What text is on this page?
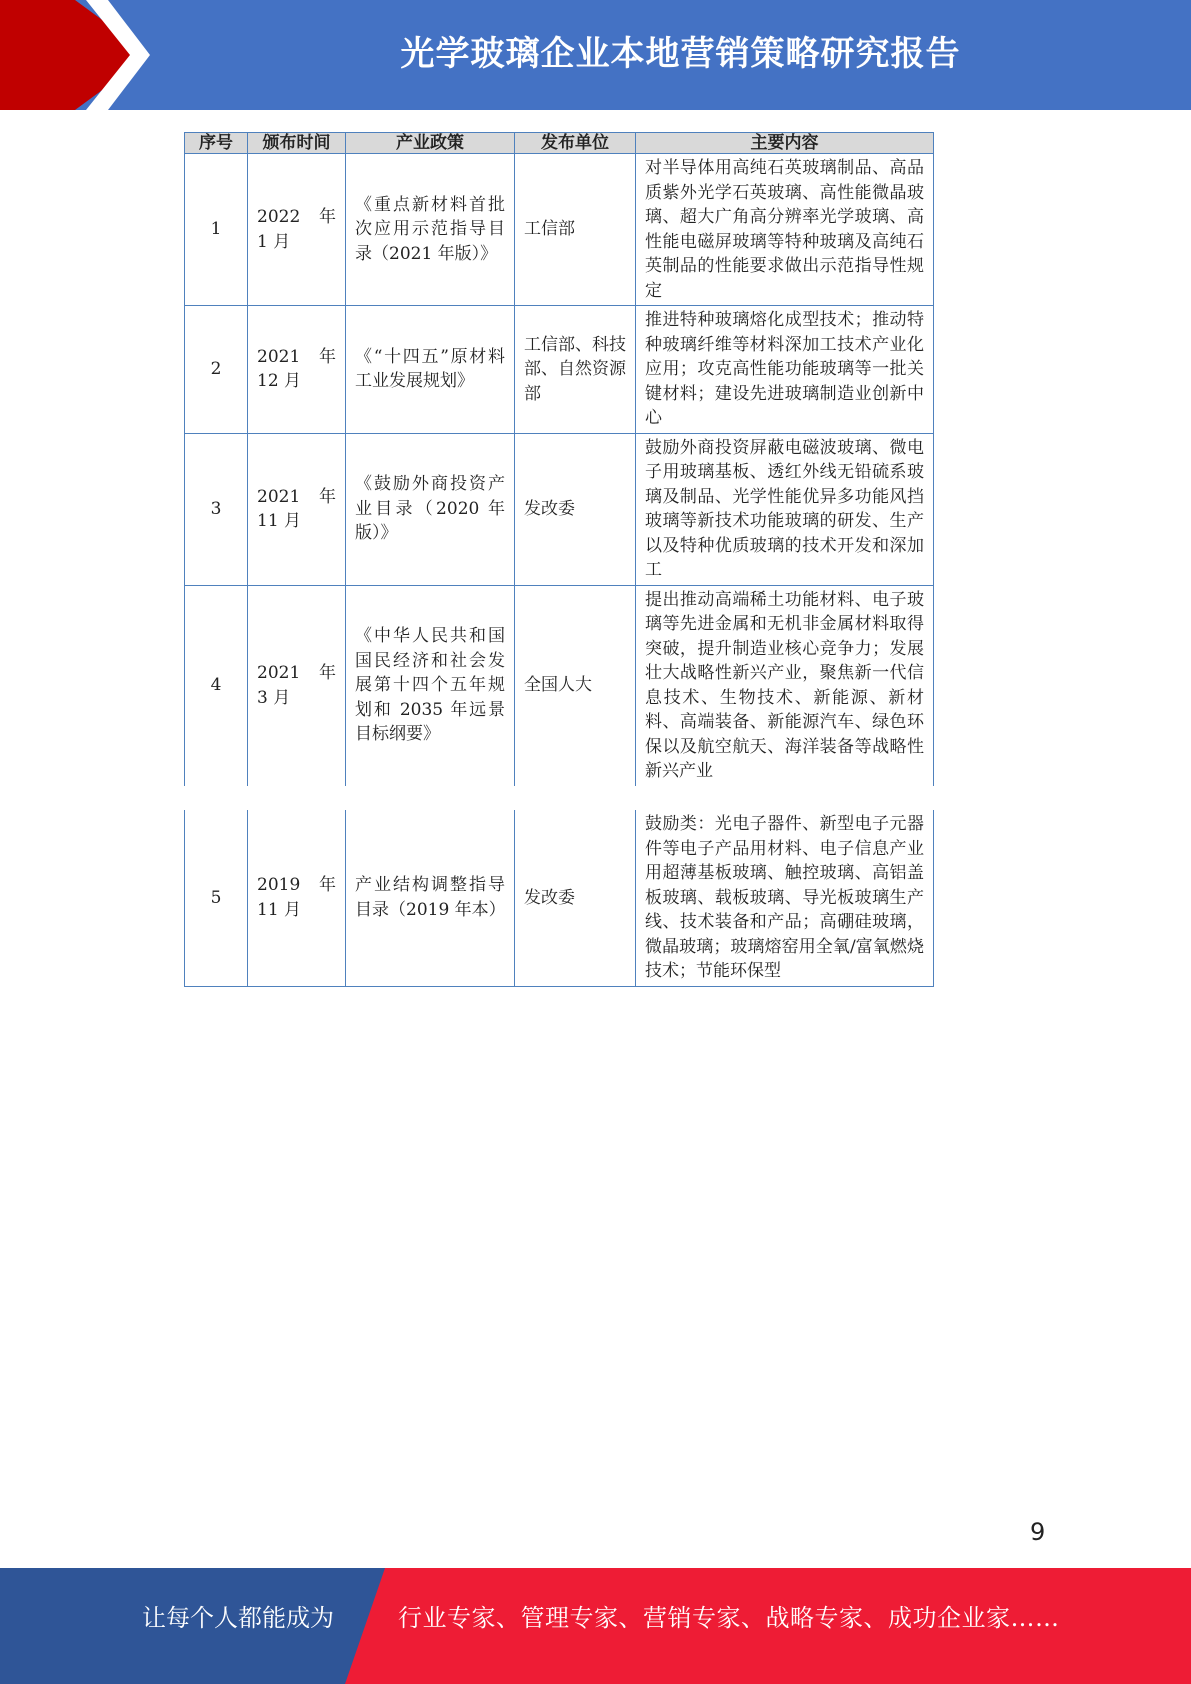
光学玻璃企业本地营销策略研究报告
序号	颁布时间	产业政策	发布单位	主要内容
1	2022 年 1 月	《重点新材料首批次应用示范指导目录（2021 年版）》	工信部	对半导体用高纯石英玻璃制品、高品质紫外光学石英玻璃、高性能微晶玻璃、超大广角高分辨率光学玻璃、高性能电磁屏玻璃等特种玻璃及高纯石英制品的性能要求做出示范指导性规定
2	2021 年 12 月	《“十四五”原材料工业发展规划》	工信部、科技部、自然资源部	推进特种玻璃熔化成型技术；推动特种玻璃纤维等材料深加工技术产业化应用；攻克高性能功能玻璃等一批关键材料；建设先进玻璃制造业创新中心
3	2021 年 11 月	《鼓励外商投资产业目录（2020 年版）》	发改委	鼓励外商投资屏蔽电磁波玻璃、微电子用玻璃基板、透红外线无铅硫系玻璃及制品、光学性能优异多功能风挡玻璃等新技术功能玻璃的研发、生产以及特种优质玻璃的技术开发和深加工
4	2021 年 3 月	《中华人民共和国国民经济和社会发展第十四个五年规划和 2035 年远景目标纲要》	全国人大	提出推动高端稀土功能材料、电子玻璃等先进金属和无机非金属材料取得突破，提升制造业核心竞争力；发展壮大战略性新兴产业，聚焦新一代信息技术、生物技术、新能源、新材料、高端装备、新能源汽车、绿色环保以及航空航天、海洋装备等战略性新兴产业
5	2019 年 11 月	产业结构调整指导目录（2019 年本）	发改委	鼓励类：光电子器件、新型电子元器件等电子产品用材料、电子信息产业用超薄基板玻璃、触控玻璃、高铝盖板玻璃、载板玻璃、导光板玻璃生产线、技术装备和产品；高硼硅玻璃，微晶玻璃；玻璃熔窑用全氧/富氧燃烧技术；节能环保型
9
让每个人都能成为	行业专家、管理专家、营销专家、战略专家、成功企业家……
